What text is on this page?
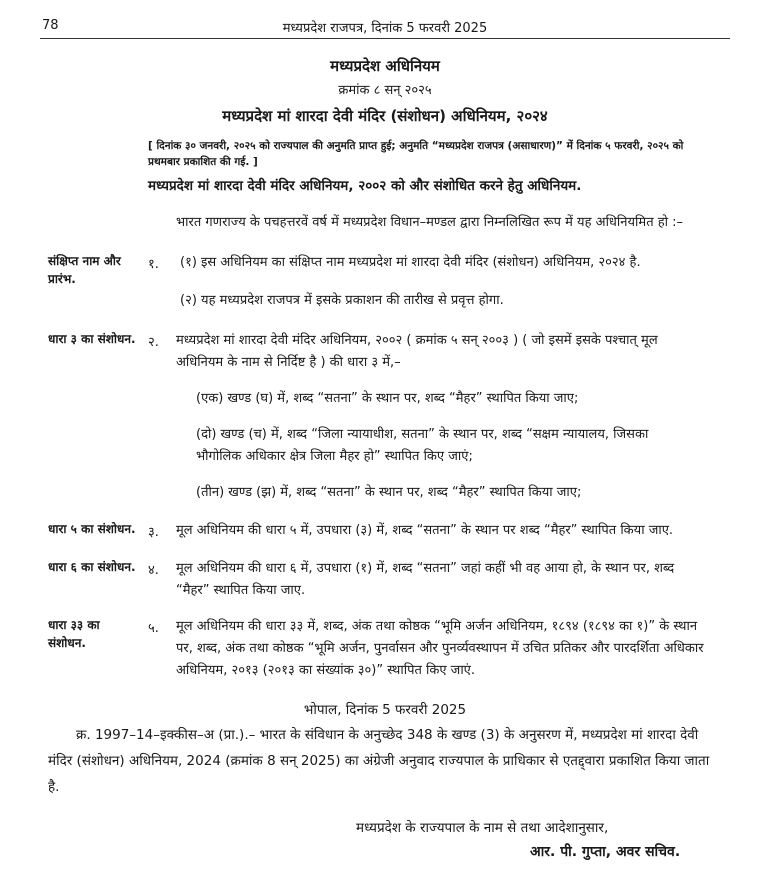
78	मध्यप्रदेश राजपत्र, दिनांक 5 फरवरी 2025
मध्यप्रदेश अधिनियम
क्रमांक ८ सन् २०२५
मध्यप्रदेश मां शारदा देवी मंदिर (संशोधन) अधिनियम, २०२४
[ दिनांक ३० जनवरी, २०२५ को राज्यपाल की अनुमति प्राप्त हुई; अनुमति “मध्यप्रदेश राजपत्र (असाधारण)” में दिनांक ५ फरवरी, २०२५ को प्रथमबार प्रकाशित की गई. ]
मध्यप्रदेश मां शारदा देवी मंदिर अधिनियम, २००२ को और संशोधित करने हेतु अधिनियम.
भारत गणराज्य के पचहत्तरवें वर्ष में मध्यप्रदेश विधान–मण्डल द्वारा निम्नलिखित रूप में यह अधिनियमित हो :–
संक्षिप्त नाम और प्रारंभ.
१. (१) इस अधिनियम का संक्षिप्त नाम मध्यप्रदेश मां शारदा देवी मंदिर (संशोधन) अधिनियम, २०२४ है.
(२) यह मध्यप्रदेश राजपत्र में इसके प्रकाशन की तारीख से प्रवृत्त होगा.
धारा ३ का संशोधन. २. मध्यप्रदेश मां शारदा देवी मंदिर अधिनियम, २००२ ( क्रमांक ५ सन् २००३ ) ( जो इसमें इसके पश्चात् मूल अधिनियम के नाम से निर्दिष्ट है ) की धारा ३ में,–
(एक) खण्ड (घ) में, शब्द “सतना” के स्थान पर, शब्द “मैहर” स्थापित किया जाए;
(दो) खण्ड (च) में, शब्द “जिला न्यायाधीश, सतना” के स्थान पर, शब्द “सक्षम न्यायालय, जिसका भौगोलिक अधिकार क्षेत्र जिला मैहर हो” स्थापित किए जाएं;
(तीन) खण्ड (झ) में, शब्द “सतना” के स्थान पर, शब्द “मैहर” स्थापित किया जाए;
धारा ५ का संशोधन. ३. मूल अधिनियम की धारा ५ में, उपधारा (३) में, शब्द “सतना” के स्थान पर शब्द “मैहर” स्थापित किया जाए.
धारा ६ का संशोधन. ४. मूल अधिनियम की धारा ६ में, उपधारा (१) में, शब्द “सतना” जहां कहीं भी वह आया हो, के स्थान पर, शब्द “मैहर” स्थापित किया जाए.
धारा ३३ का संशोधन.
५. मूल अधिनियम की धारा ३३ में, शब्द, अंक तथा कोष्ठक “भूमि अर्जन अधिनियम, १८९४ (१८९४ का १)” के स्थान पर, शब्द, अंक तथा कोष्ठक “भूमि अर्जन, पुनर्वासन और पुनर्व्यवस्थापन में उचित प्रतिकर और पारदर्शिता अधिकार अधिनियम, २०१३ (२०१३ का संख्यांक ३०)” स्थापित किए जाएं.
भोपाल, दिनांक 5 फरवरी 2025
क्र. 1997–14–इक्कीस–अ (प्रा.).– भारत के संविधान के अनुच्छेद 348 के खण्ड (3) के अनुसरण में, मध्यप्रदेश मां शारदा देवी मंदिर (संशोधन) अधिनियम, 2024 (क्रमांक 8 सन् 2025) का अंग्रेजी अनुवाद राज्यपाल के प्राधिकार से एतद्द्वारा प्रकाशित किया जाता है.
मध्यप्रदेश के राज्यपाल के नाम से तथा आदेशानुसार,
आर. पी. गुप्ता, अवर सचिव.
